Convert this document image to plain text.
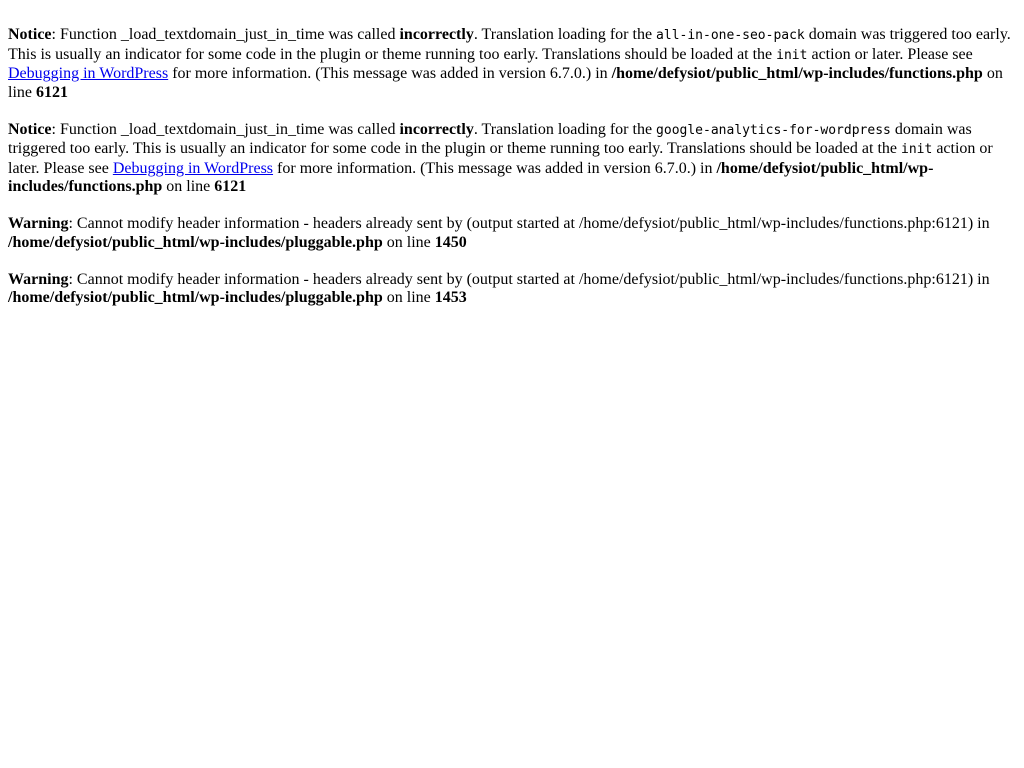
Notice: Function _load_textdomain_just_in_time was called incorrectly. Translation loading for the all-in-one-seo-pack domain was triggered too early. This is usually an indicator for some code in the plugin or theme running too early. Translations should be loaded at the init action or later. Please see Debugging in WordPress for more information. (This message was added in version 6.7.0.) in /home/defysiot/public_html/wp-includes/functions.php on line 6121

Notice: Function _load_textdomain_just_in_time was called incorrectly. Translation loading for the google-analytics-for-wordpress domain was triggered too early. This is usually an indicator for some code in the plugin or theme running too early. Translations should be loaded at the init action or later. Please see Debugging in WordPress for more information. (This message was added in version 6.7.0.) in /home/defysiot/public_html/wp-includes/functions.php on line 6121

Warning: Cannot modify header information - headers already sent by (output started at /home/defysiot/public_html/wp-includes/functions.php:6121) in /home/defysiot/public_html/wp-includes/pluggable.php on line 1450

Warning: Cannot modify header information - headers already sent by (output started at /home/defysiot/public_html/wp-includes/functions.php:6121) in /home/defysiot/public_html/wp-includes/pluggable.php on line 1453
